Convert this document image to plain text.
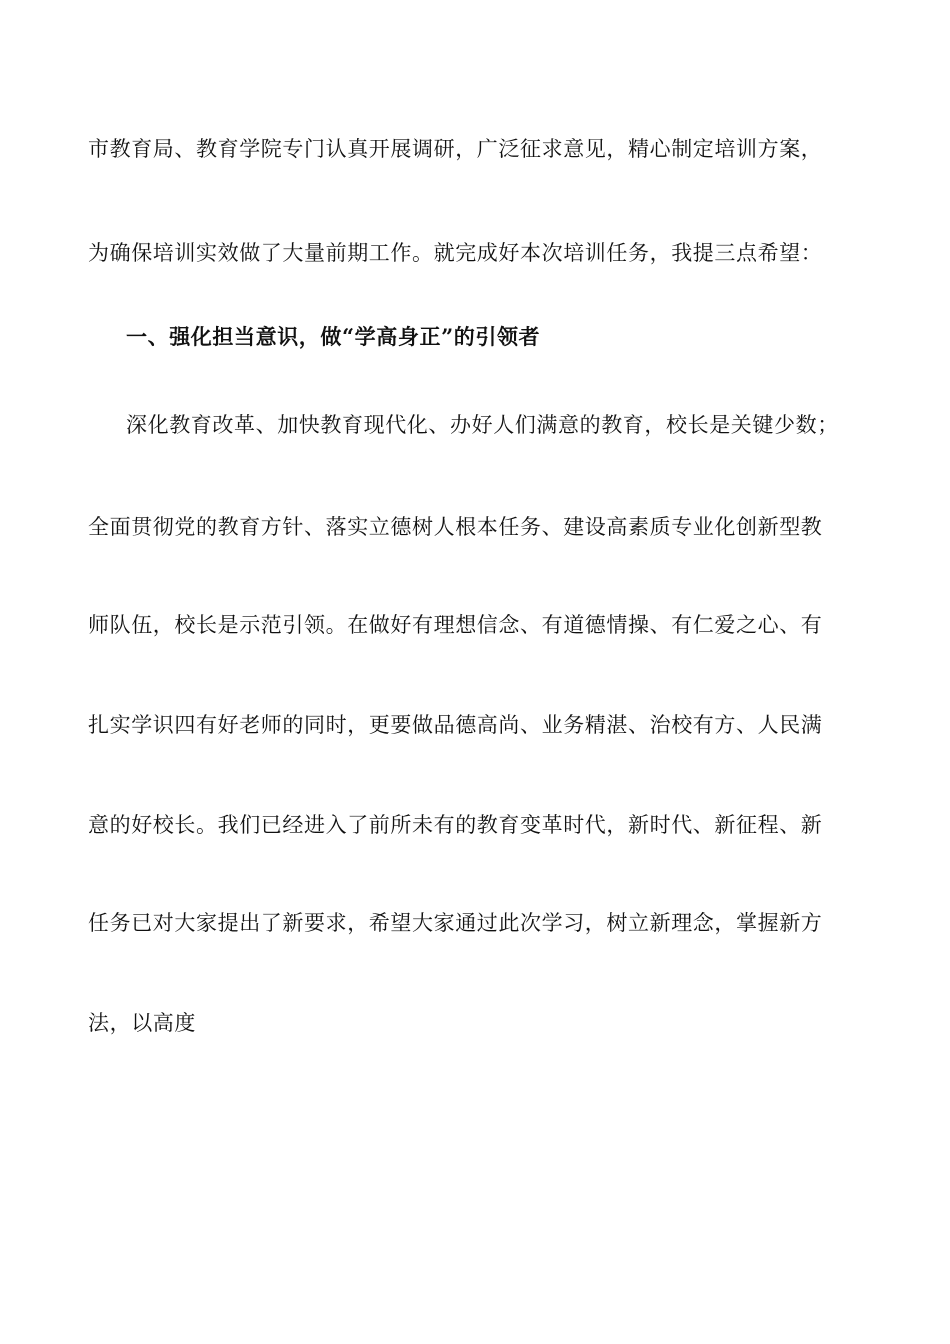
市教育局、教育学院专门认真开展调研，广泛征求意见，精心制定培训方案，
为确保培训实效做了大量前期工作。就完成好本次培训任务，我提三点希望：
一、强化担当意识，做“学高身正”的引领者
深化教育改革、加快教育现代化、办好人们满意的教育，校长是关键少数；
全面贯彻党的教育方针、落实立德树人根本任务、建设高素质专业化创新型教
师队伍，校长是示范引领。在做好有理想信念、有道德情操、有仁爱之心、有
扎实学识四有好老师的同时，更要做品德高尚、业务精湛、治校有方、人民满
意的好校长。我们已经进入了前所未有的教育变革时代，新时代、新征程、新
任务已对大家提出了新要求，希望大家通过此次学习，树立新理念，掌握新方
法，以高度
